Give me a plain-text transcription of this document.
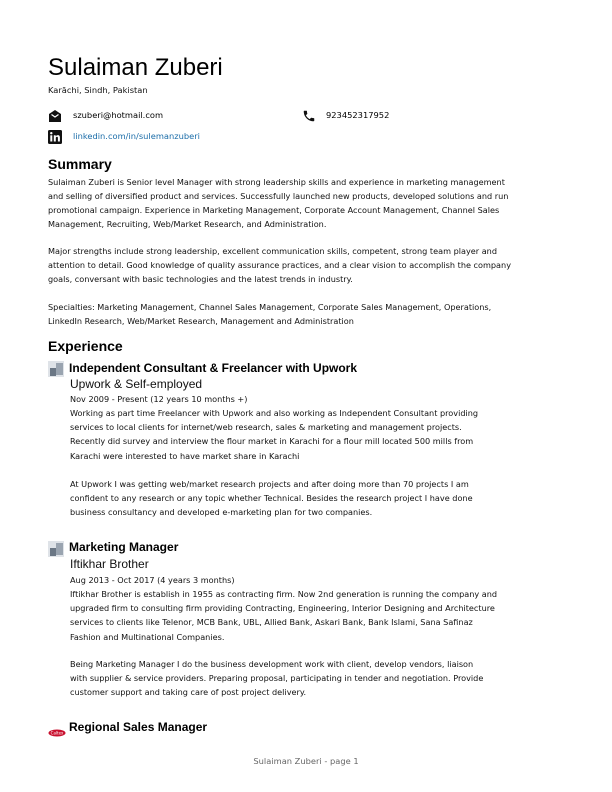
Sulaiman Zuberi
Karāchi, Sindh, Pakistan
szuberi@hotmail.com	923452317952
linkedin.com/in/sulemanzuberi
Summary
Sulaiman Zuberi is Senior level Manager with strong leadership skills and experience in marketing management
and selling of diversified product and services. Successfully launched new products, developed solutions and run
promotional campaign. Experience in Marketing Management, Corporate Account Management, Channel Sales
Management, Recruiting, Web/Market Research, and Administration.
Major strengths include strong leadership, excellent communication skills, competent, strong team player and
attention to detail. Good knowledge of quality assurance practices, and a clear vision to accomplish the company
goals, conversant with basic technologies and the latest trends in industry.
Specialties: Marketing Management, Channel Sales Management, Corporate Sales Management, Operations,
LinkedIn Research, Web/Market Research, Management and Administration
Experience
Independent Consultant & Freelancer with Upwork
Upwork & Self-employed
Nov 2009 - Present (12 years 10 months +)
Working as part time Freelancer with Upwork and also working as Independent Consultant providing
services to local clients for internet/web research, sales & marketing and management projects.
Recently did survey and interview the flour market in Karachi for a flour mill located 500 mills from
Karachi were interested to have market share in Karachi
At Upwork I was getting web/market research projects and after doing more than 70 projects I am
confident to any research or any topic whether Technical. Besides the research project I have done
business consultancy and developed e-marketing plan for two companies.
Marketing Manager
Iftikhar Brother
Aug 2013 - Oct 2017 (4 years 3 months)
Iftikhar Brother is establish in 1955 as contracting firm. Now 2nd generation is running the company and
upgraded firm to consulting firm providing Contracting, Engineering, Interior Designing and Architecture
services to clients like Telenor, MCB Bank, UBL, Allied Bank, Askari Bank, Bank Islami, Sana Safinaz
Fashion and Multinational Companies.
Being Marketing Manager I do the business development work with client, develop vendors, liaison
with supplier & service providers. Preparing proposal, participating in tender and negotiation. Provide
customer support and taking care of post project delivery.
Caltex Regional Sales Manager
Sulaiman Zuberi - page 1
